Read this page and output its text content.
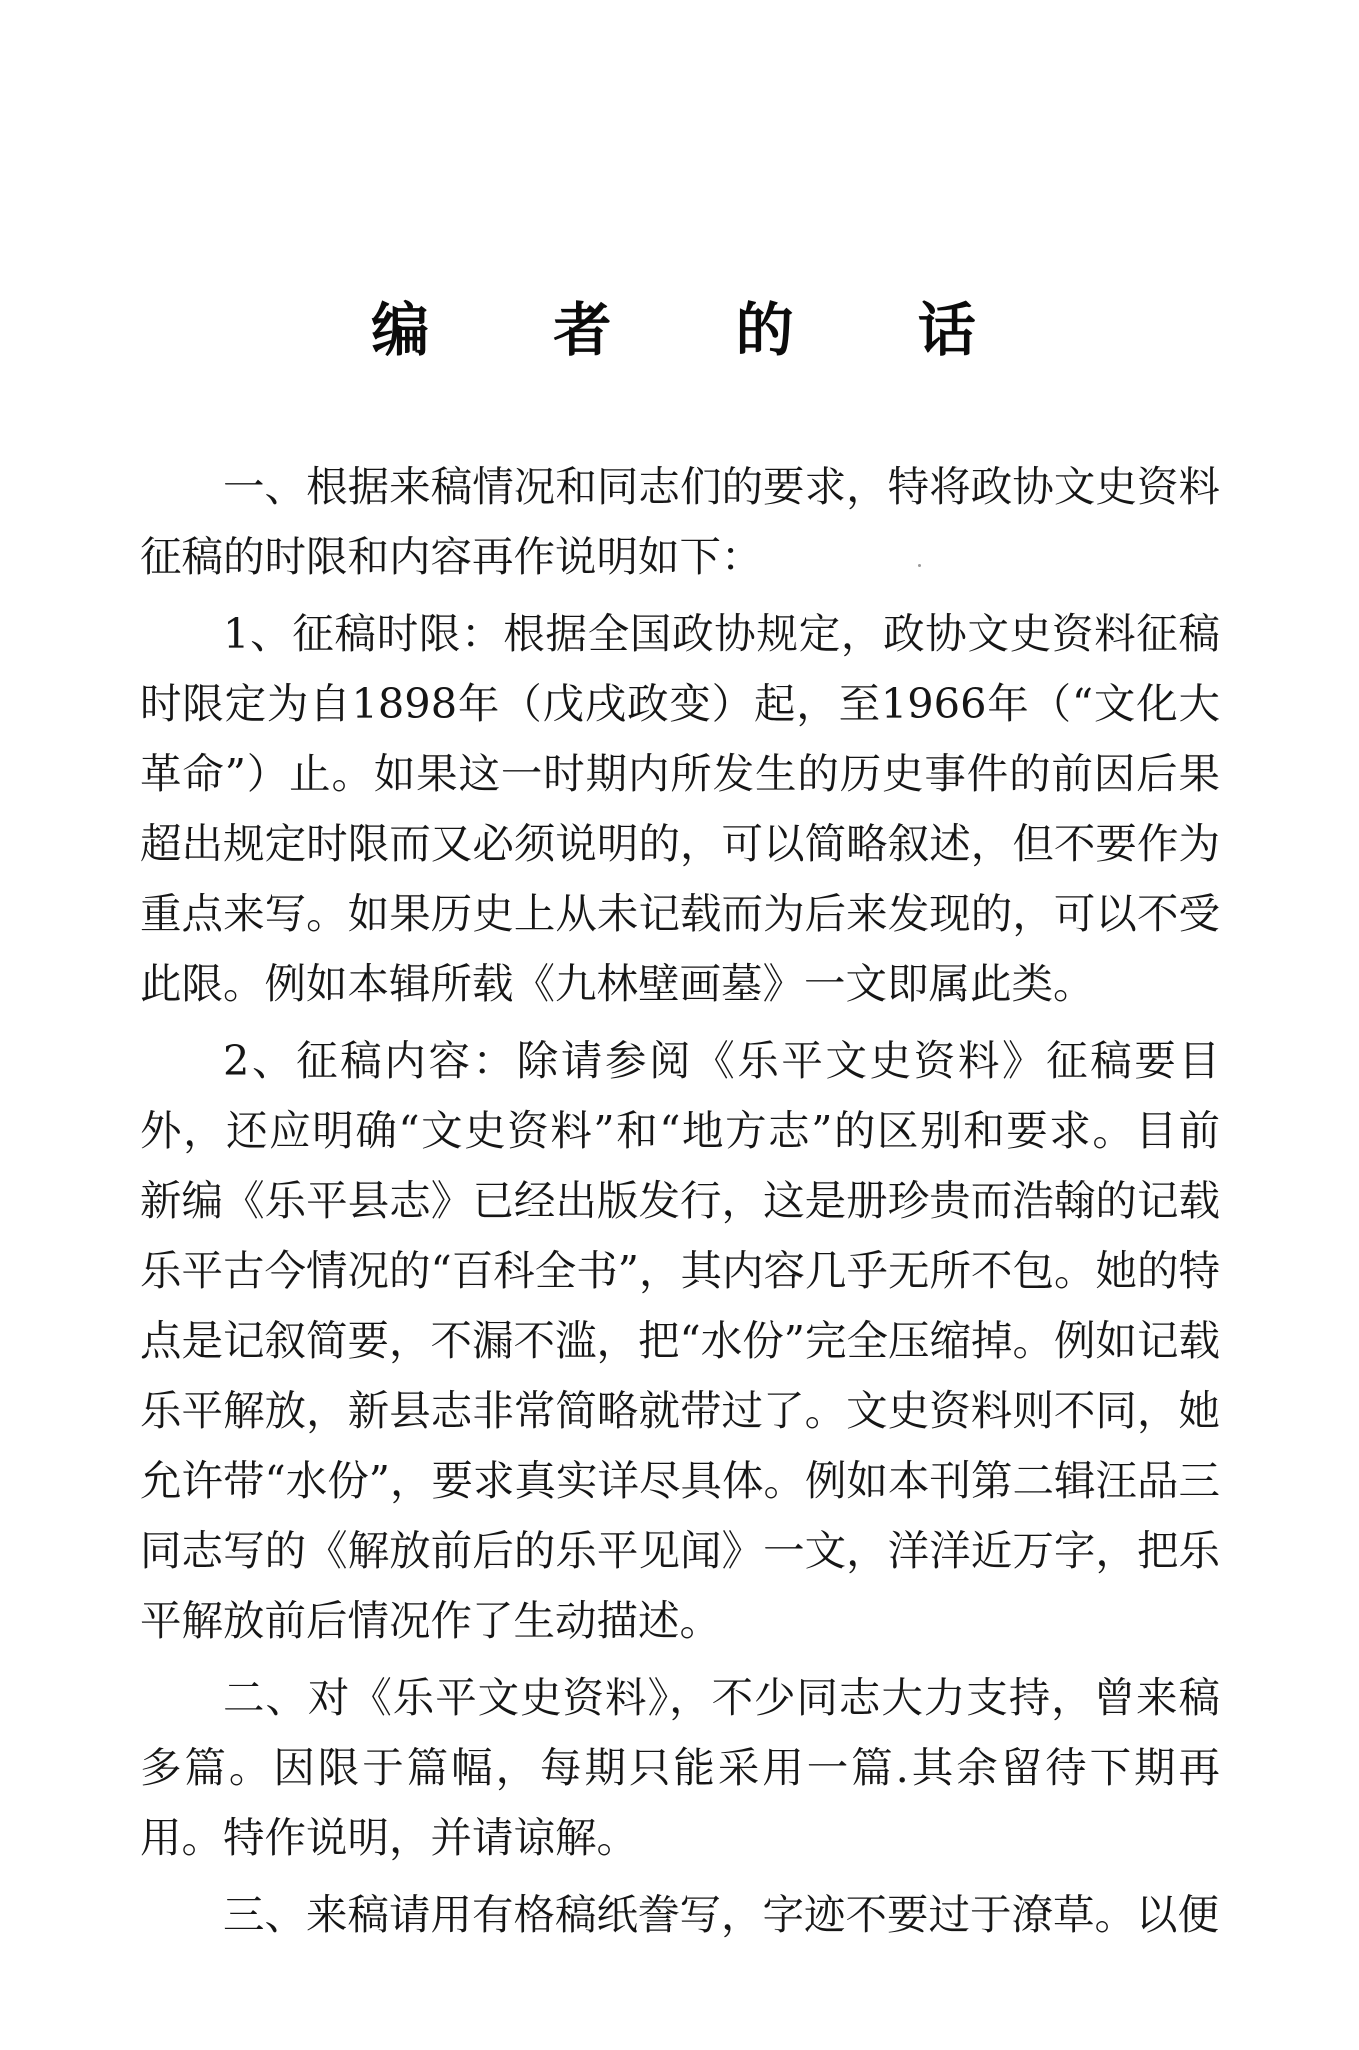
编 者 的 话

一、根据来稿情况和同志们的要求，特将政协文史资料征稿的时限和内容再作说明如下：

1、征稿时限：根据全国政协规定，政协文史资料征稿时限定为自1898年（戊戌政变）起，至1966年（“文化大革命”）止。如果这一时期内所发生的历史事件的前因后果超出规定时限而又必须说明的，可以简略叙述，但不要作为重点来写。如果历史上从未记载而为后来发现的，可以不受此限。例如本辑所载《九林壁画墓》一文即属此类。

2、征稿内容：除请参阅《乐平文史资料》征稿要目外，还应明确“文史资料”和“地方志”的区别和要求。目前新编《乐平县志》已经出版发行，这是册珍贵而浩翰的记载乐平古今情况的“百科全书”，其内容几乎无所不包。她的特点是记叙简要，不漏不滥，把“水份”完全压缩掉。例如记载乐平解放，新县志非常简略就带过了。文史资料则不同，她允许带“水份”，要求真实详尽具体。例如本刊第二辑汪品三同志写的《解放前后的乐平见闻》一文，洋洋近万字，把乐平解放前后情况作了生动描述。

二、对《乐平文史资料》，不少同志大力支持，曾来稿多篇。因限于篇幅，每期只能采用一篇.其余留待下期再用。特作说明，并请谅解。

三、来稿请用有格稿纸誊写，字迹不要过于潦草。以便
